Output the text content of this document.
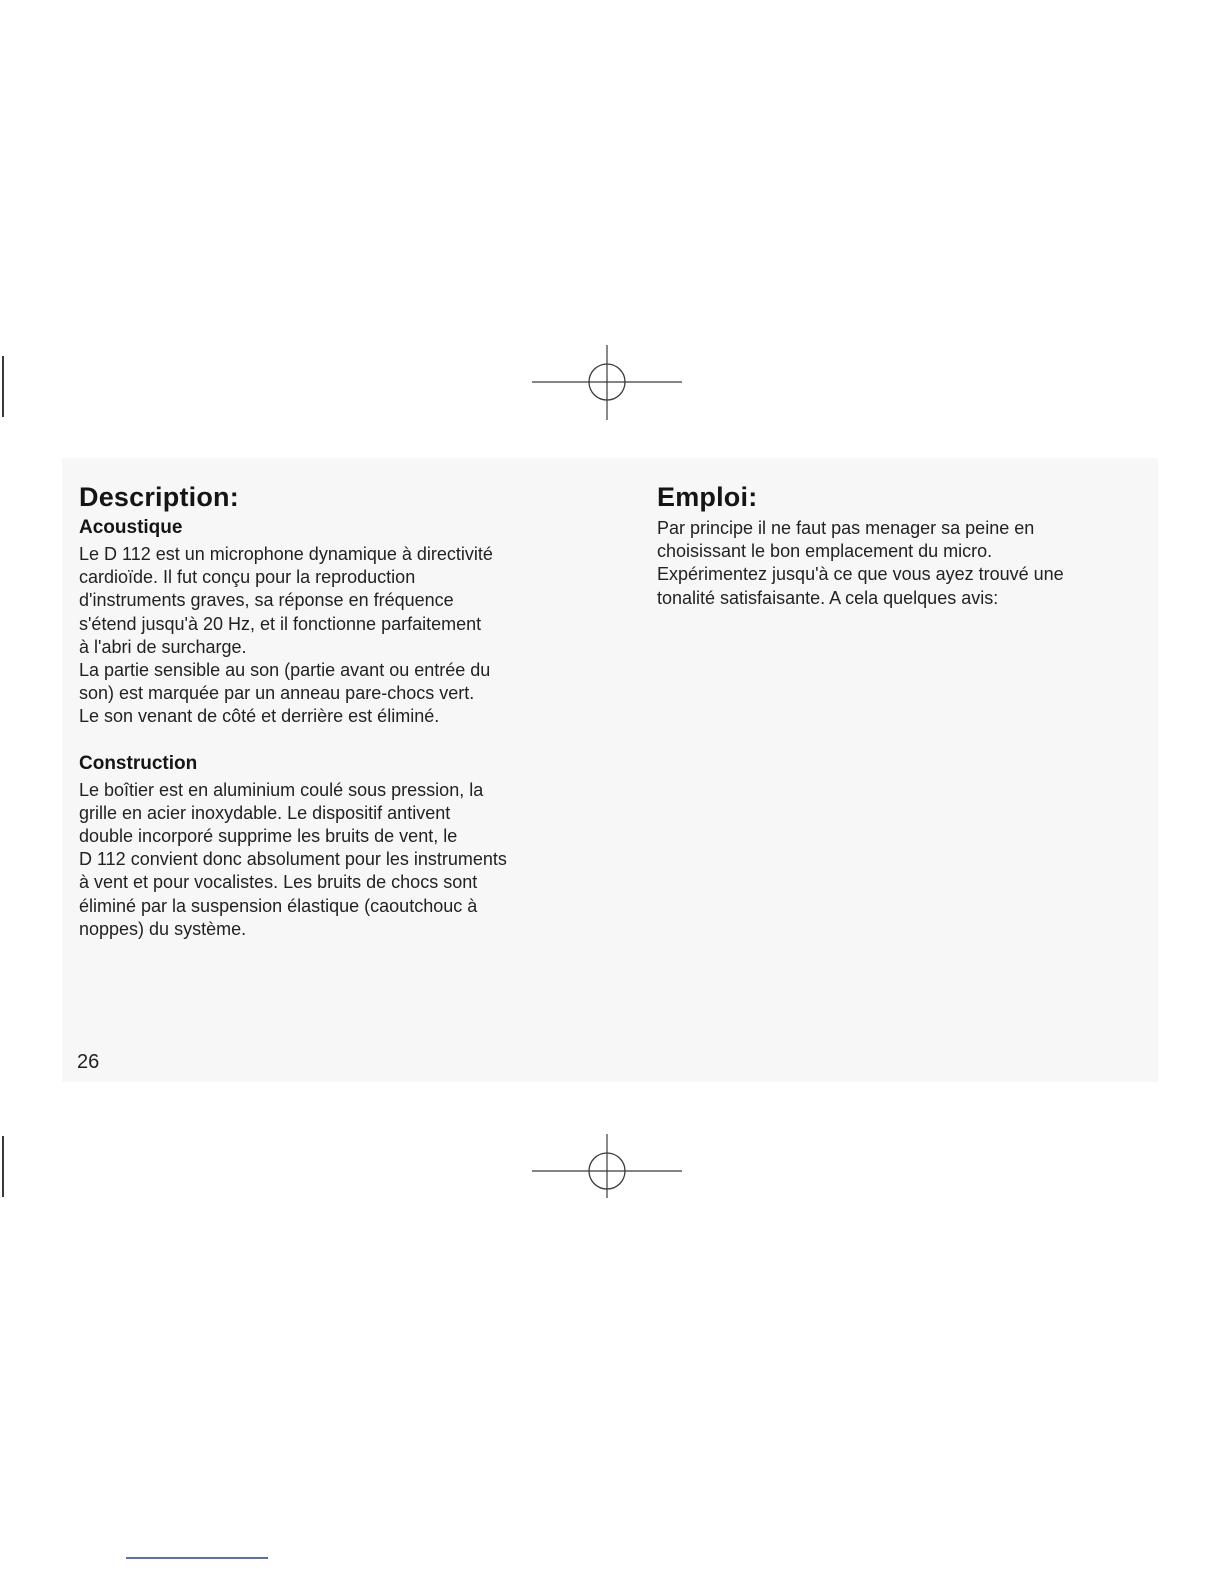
Description:
Acoustique

Le D 112 est un microphone dynamique à directivité
cardioïde. Il fut conçu pour la reproduction
d'instruments graves, sa réponse en fréquence
s'étend jusqu'à 20 Hz, et il fonctionne parfaitement
à l'abri de surcharge.
La partie sensible au son (partie avant ou entrée du
son) est marquée par un anneau pare-chocs vert.
Le son venant de côté et derrière est éliminé.

Construction

Le boîtier est en aluminium coulé sous pression, la
grille en acier inoxydable. Le dispositif antivent
double incorporé supprime les bruits de vent, le
D 112 convient donc absolument pour les instruments
à vent et pour vocalistes. Les bruits de chocs sont
éliminé par la suspension élastique (caoutchouc à
noppes) du système.

Emploi:

Par principe il ne faut pas menager sa peine en
choisissant le bon emplacement du micro.
Expérimentez jusqu'à ce que vous ayez trouvé une
tonalité satisfaisante. A cela quelques avis:

26
